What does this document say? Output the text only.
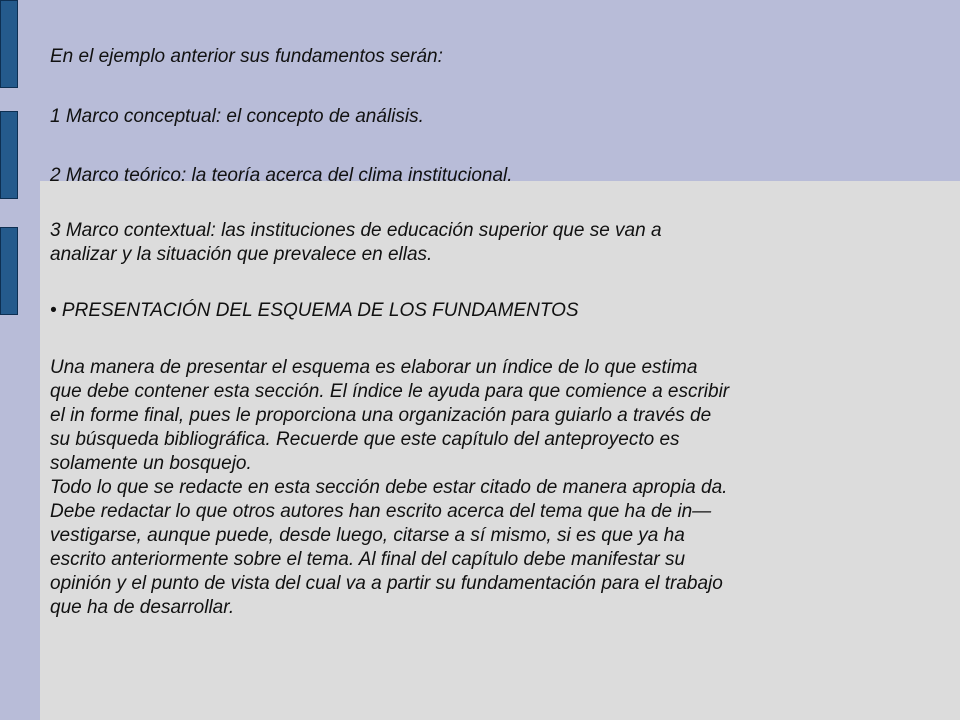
En el ejemplo anterior sus fundamentos serán:

1 Marco conceptual: el concepto de análisis.

2 Marco teórico: la teoría acerca del clima institucional.

3 Marco contextual: las instituciones de educación superior que se van a
analizar y la situación que prevalece en ellas.

• PRESENTACIÓN DEL ESQUEMA DE LOS FUNDAMENTOS

Una manera de presentar el esquema es elaborar un índice de lo que estima
que debe contener esta sección. El índice le ayuda para que comience a escribir
el in forme final, pues le proporciona una organización para guiarlo a través de
su búsqueda bibliográfica. Recuerde que este capítulo del anteproyecto es
solamente un bosquejo.
Todo lo que se redacte en esta sección debe estar citado de manera apropia da.
Debe redactar lo que otros autores han escrito acerca del tema que ha de in—
vestigarse, aunque puede, desde luego, citarse a sí mismo, si es que ya ha
escrito anteriormente sobre el tema. Al final del capítulo debe manifestar su
opinión y el punto de vista del cual va a partir su fundamentación para el trabajo
que ha de desarrollar.
